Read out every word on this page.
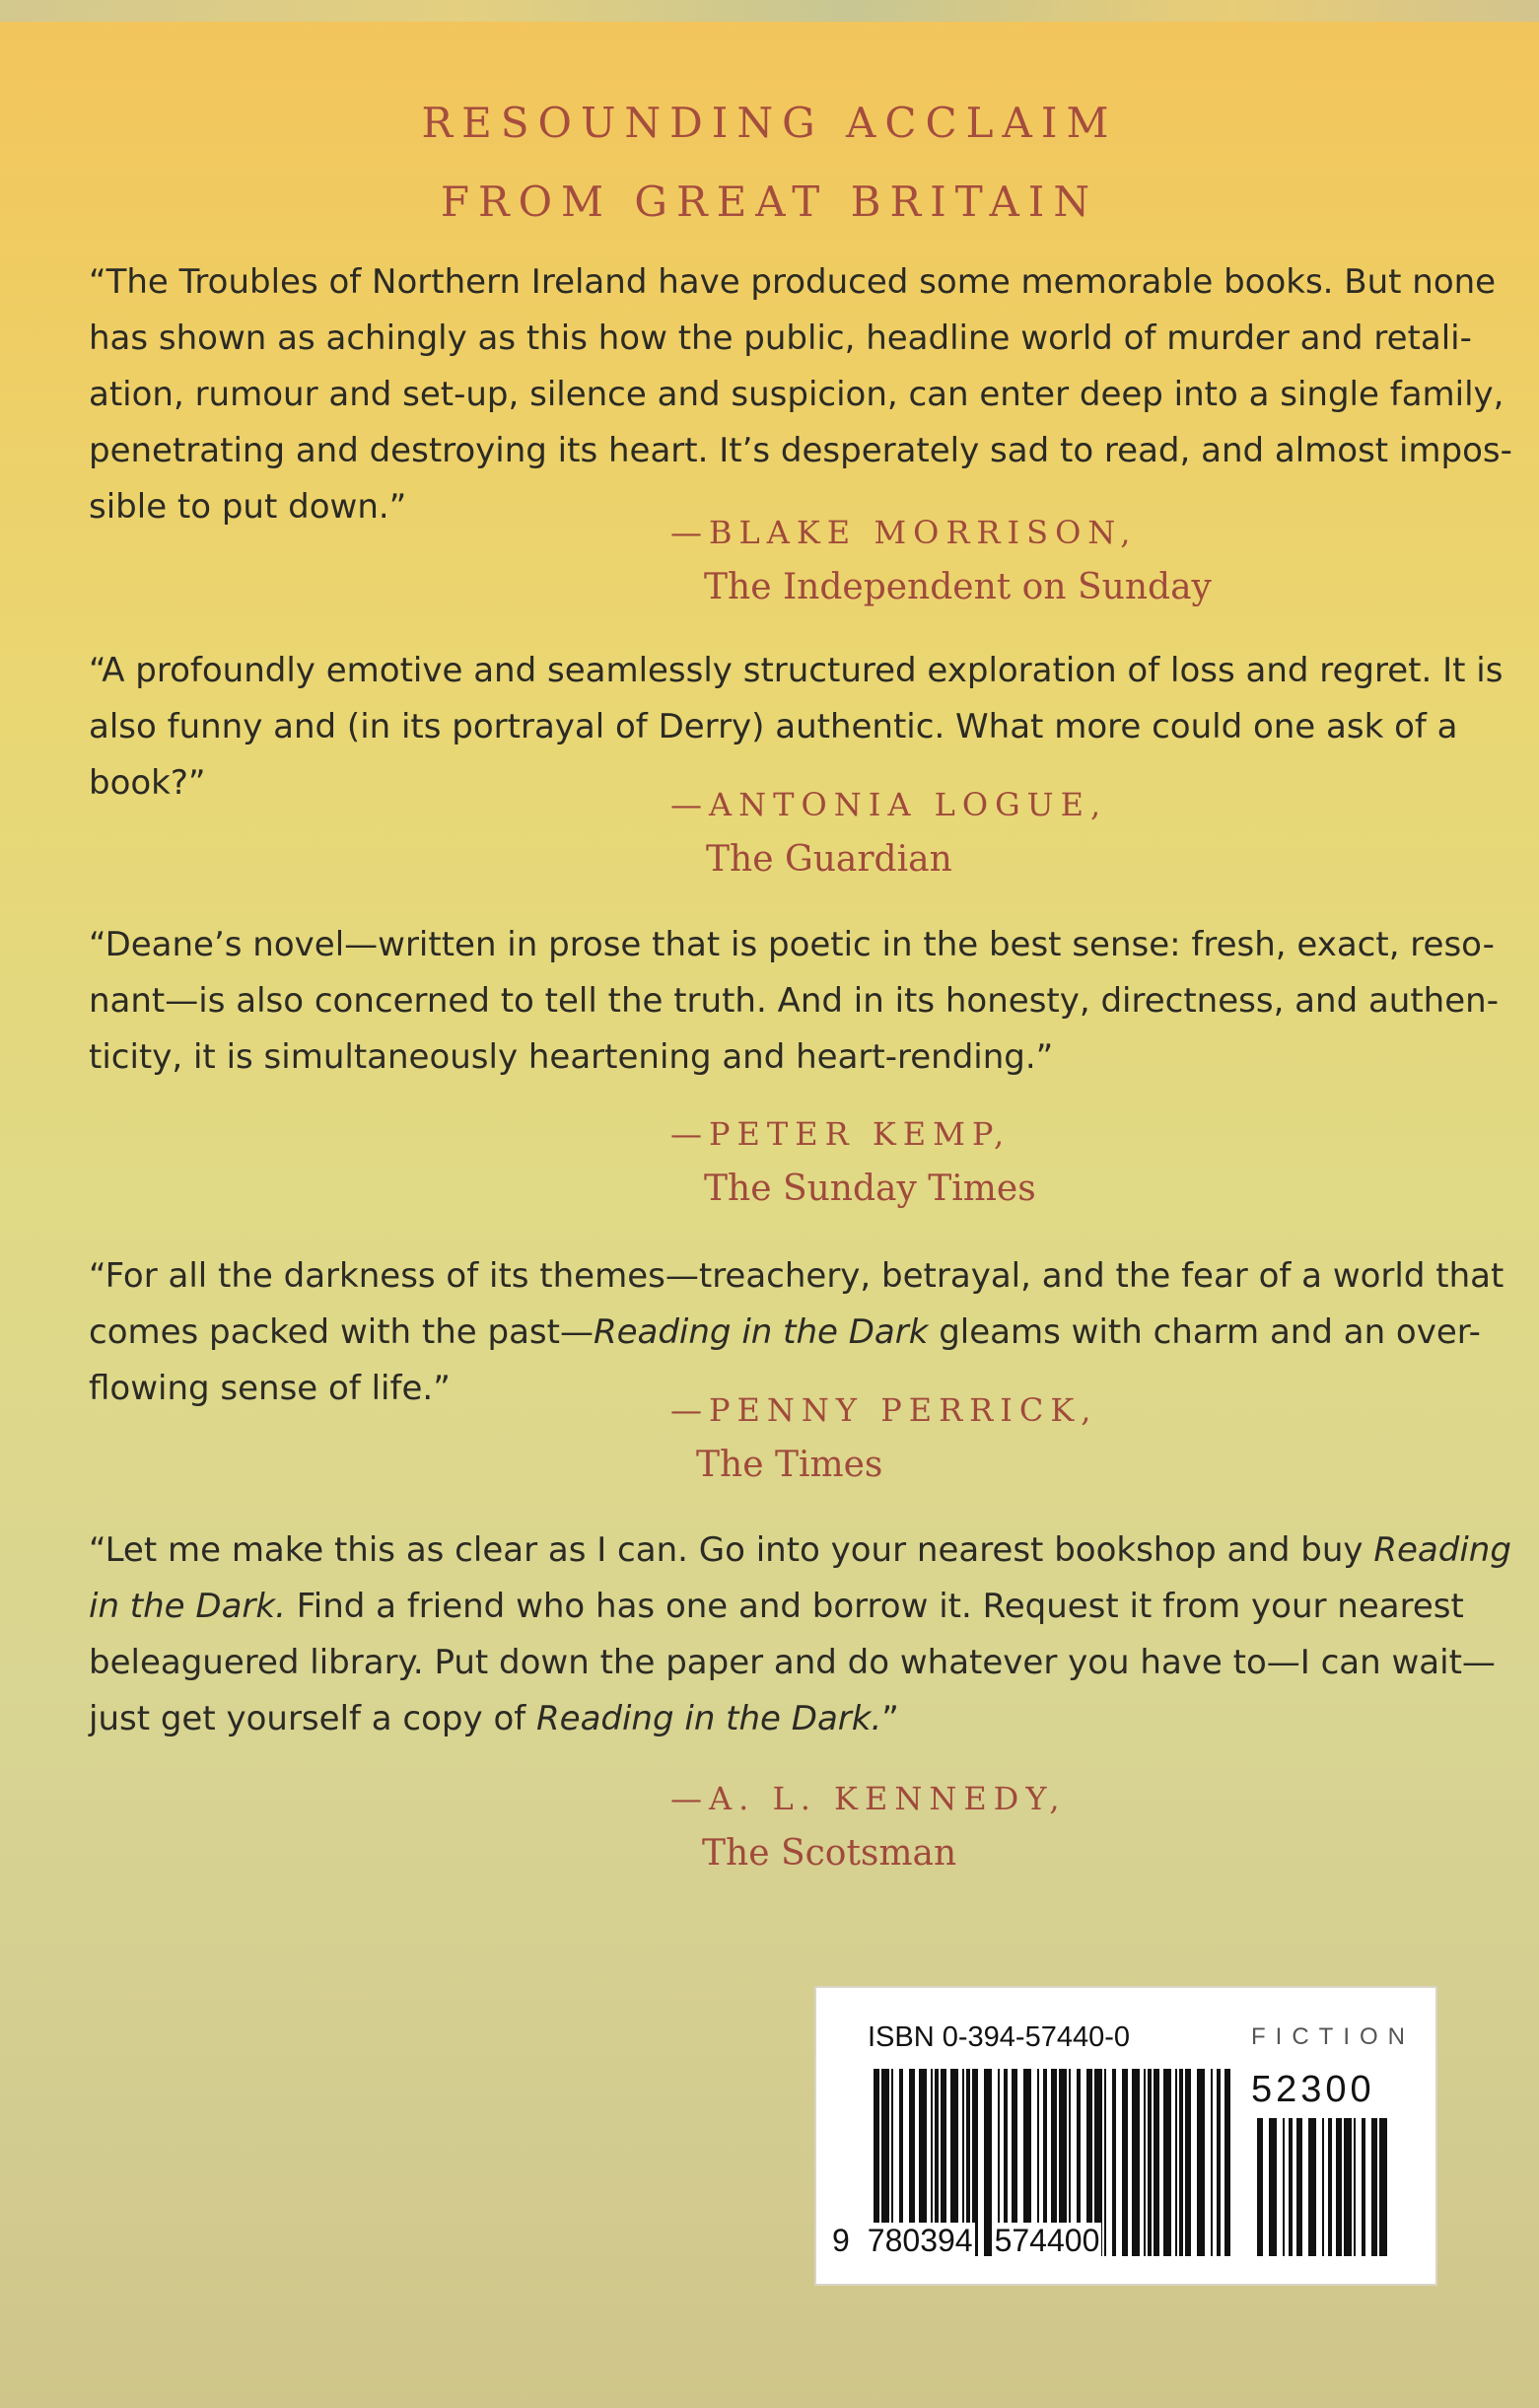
RESOUNDING ACCLAIM
FROM GREAT BRITAIN
“The Troubles of Northern Ireland have produced some memorable books. But none
has shown as achingly as this how the public, headline world of murder and retali-
ation, rumour and set-up, silence and suspicion, can enter deep into a single family,
penetrating and destroying its heart. It’s desperately sad to read, and almost impos-
sible to put down.”
—BLAKE MORRISON,
The Independent on Sunday
“A profoundly emotive and seamlessly structured exploration of loss and regret. It is
also funny and (in its portrayal of Derry) authentic. What more could one ask of a
book?”
—ANTONIA LOGUE,
The Guardian
“Deane’s novel—written in prose that is poetic in the best sense: fresh, exact, reso-
nant—is also concerned to tell the truth. And in its honesty, directness, and authen-
ticity, it is simultaneously heartening and heart-rending.”
—PETER KEMP,
The Sunday Times
“For all the darkness of its themes—treachery, betrayal, and the fear of a world that
comes packed with the past—Reading in the Dark gleams with charm and an over-
flowing sense of life.”
—PENNY PERRICK,
The Times
“Let me make this as clear as I can. Go into your nearest bookshop and buy Reading
in the Dark. Find a friend who has one and borrow it. Request it from your nearest
beleaguered library. Put down the paper and do whatever you have to—I can wait—
just get yourself a copy of Reading in the Dark.”
—A. L. KENNEDY,
The Scotsman
ISBN 0-394-57440-0	FICTION
52300
9 780394 574400
